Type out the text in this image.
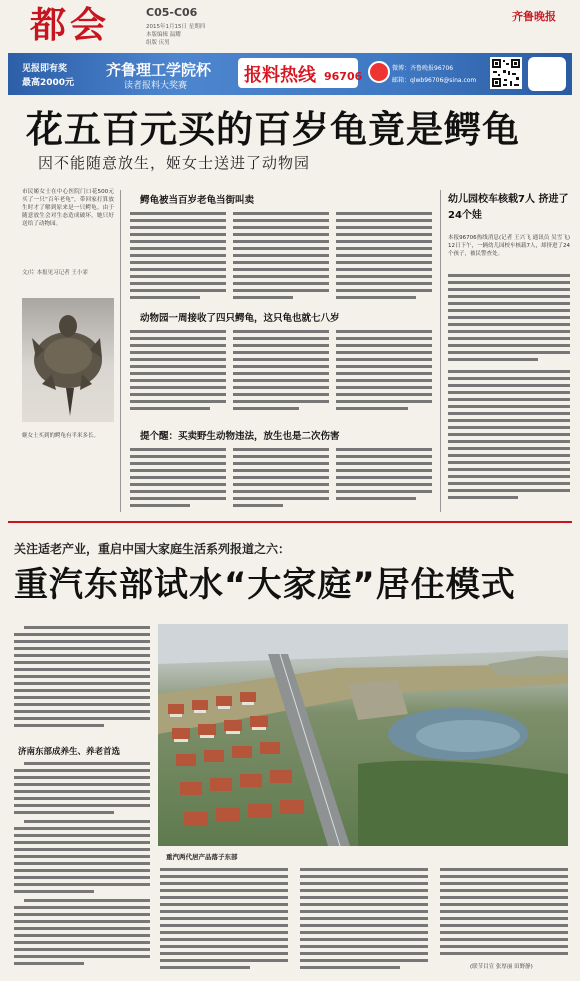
都会	C05-C06
2015年1月15日 星期四
本版编辑 温耀
组版 庆男
齐鲁晚报
见报即有奖
最高2000元
齐鲁理工学院杯
读者报料大奖赛	报料热线 96706
微博：齐鲁晚报96706
邮箱：qlwb96706@sina.com
花五百元买的百岁龟竟是鳄龟
因不能随意放生，姬女士送进了动物园
市民姬女士在中心医院门口花500元买了一只“百年老龟”，带回家打算放生时才了解到原来是一只鳄龟。由于随意放生会对生态造成破坏，她只好送给了动物园。
文/片 本报见习记者 王小霏
姬女士买到的鳄龟有半米多长。
鳄龟被当百岁老龟当街叫卖
动物园一周接收了四只鳄龟，这只龟也就七八岁
提个醒：买卖野生动物违法，放生也是二次伤害
幼儿园校车核载7人 挤进了24个娃
本报96706热线消息(记者 王兴飞 通讯员 吴雪飞) 12日下午，一辆幼儿园校车核载7人，却挤进了24个孩子，被民警查处。
关注适老产业，重启中国大家庭生活系列报道之六：
重汽东部试水“大家庭”居住模式
济南东部成养生、养老首选
重汽两代居产品落子东部
(联节目宣 张厚丽 田野静)
